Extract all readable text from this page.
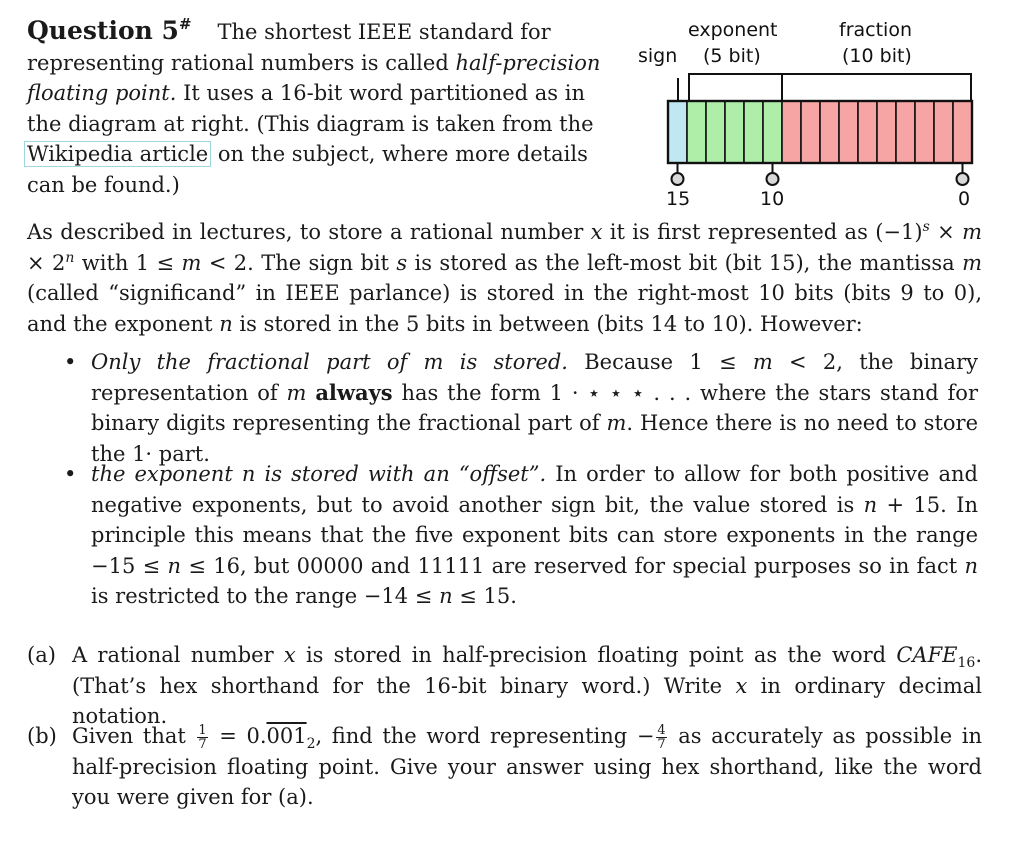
Question 5# The shortest IEEE standard for representing rational numbers is called half-precision floating point. It uses a 16-bit word partitioned as in the diagram at right. (This diagram is taken from the Wikipedia article on the subject, where more details can be found.)
exponent	fraction
sign (5 bit)	(10 bit)
15	10	0
As described in lectures, to store a rational number x it is first represented as $(-1)^s \times m \times 2^n$ with 1 ≤ m < 2. The sign bit s is stored as the left-most bit (bit 15), the mantissa m (called “significand” in IEEE parlance) is stored in the right-most 10 bits (bits 9 to 0), and the exponent n is stored in the 5 bits in between (bits 14 to 10). However:
• Only the fractional part of m is stored. Because 1 ≤ m < 2, the binary representation of m always has the form 1 · ⋆ ⋆ ⋆ . . . where the stars stand for binary digits representing the fractional part of m. Hence there is no need to store the 1· part.
• the exponent n is stored with an “offset”. In order to allow for both positive and negative exponents, but to avoid another sign bit, the value stored is n + 15. In principle this means that the five exponent bits can store exponents in the range −15 ≤ n ≤ 16, but 00000 and 11111 are reserved for special purposes so in fact n is restricted to the range −14 ≤ n ≤ 15.
(a) A rational number x is stored in half-precision floating point as the word $CAFE_{16}$. (That’s hex shorthand for the 16-bit binary word.) Write x in ordinary decimal notation.
(b) Given that $\frac{1}{7} = 0.001_2$, find the word representing − $\frac{4}{7}$ as accurately as possible in half-precision floating point. Give your answer using hex shorthand, like the word you were given for (a).
